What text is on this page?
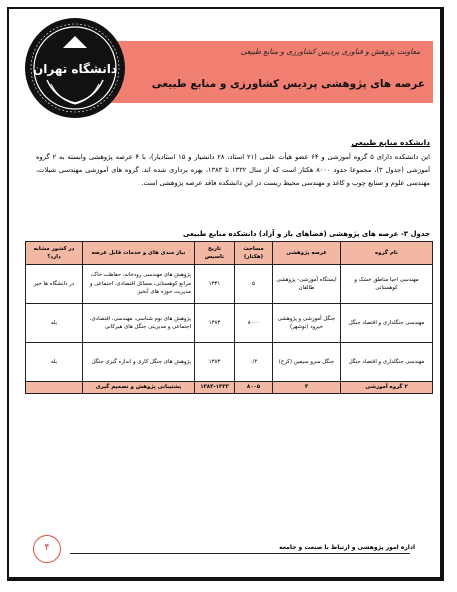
معاونت پژوهش و فناوری پردیس کشاورزی و منابع طبیعی
عرصه های پژوهشی پردیس کشاورزی و منابع طبیعی
دانشگاه تهران
دانشکده منابع طبیعی
این دانشکده دارای ۵ گروه آموزشی و ۶۴ عضو هیأت علمی (۲۱ استاد، ۲۸ دانشیار و ۱۵ استادیار)، با ۴ عرصه پژوهشی وابسته به ۲ گروه آموزشی (جدول ۳)، مجموعا حدود ۸۰۰۰ هکتار است که از سال ۱۳۳۲ تا ۱۳۸۳، بهره برداری شده اند. گروه های آموزشی مهندسی شیلات، مهندسی علوم و صنایع چوب و کاغذ و مهندسی محیط زیست در این دانشکده فاقد عرصه پژوهشی است.
جدول ۳- عرصه های پژوهشی (فضاهای باز و آزاد) دانشکده منابع طبیعی
نام گروه	عرصه پژوهشی	مساحت (هکتار)	تاریخ تاسیس	نیاز مندی های و خدمات قابل عرضه	در کشور مشابه دارد؟
مهندسی احیا مناطق خشک و کوهستانی	ایستگاه آموزشی- پژوهشی طالقان	۵	۱۳۳۱	پژوهش های مهندسی رودخانه، حفاظت خاک، مراتع کوهستانی، مسائل اقتصادی، اجتماعی و مدیریت حوزه های آبخیز	در دانشگاه ها خیر
مهندسی جنگلداری و اقتصاد جنگل	جنگل آموزشی و پژوهشی خیرود (نوشهر)	۸۰۰۰	۱۳۸۳	پژوهش های بوم شناسی، مهندسی، اقتصادی، اجتماعی و مدیریتی جنگل های هیرکانی	بله
مهندسی جنگلداری و اقتصاد جنگل	جنگل سرو سیمین (کرج)	۰/۲	۱۳۸۳	پژوهش های جنگل کاری و اندازه گیری جنگل	بله
۲ گروه آموزشی	۳	۸۰۰۵	۱۳۸۳-۱۳۳۳	پشتیبانی پژوهش و تصمیم گیری	
اداره امور پژوهشی و ارتباط با صنعت و جامعه
۴
